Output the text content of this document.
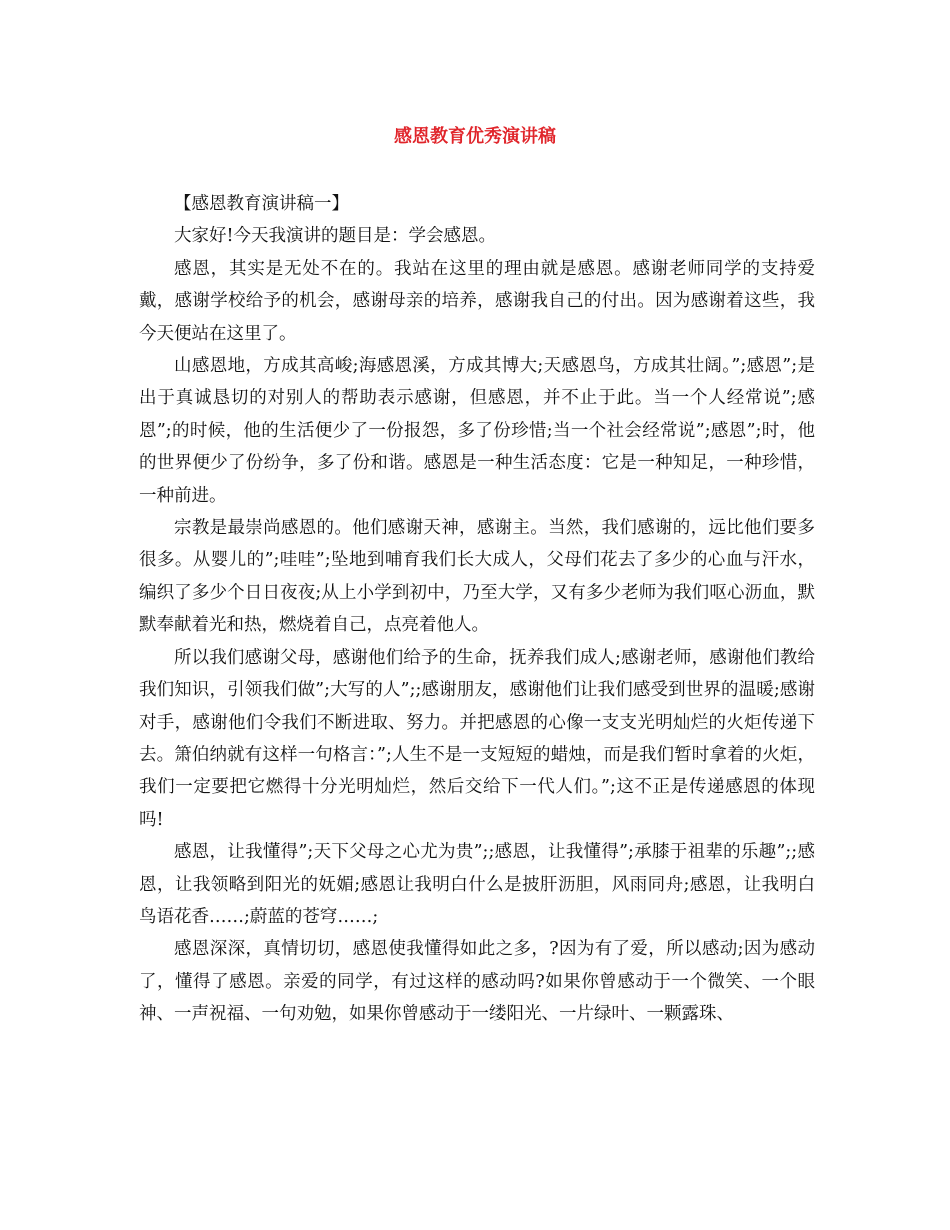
感恩教育优秀演讲稿

【感恩教育演讲稿一】

大家好!今天我演讲的题目是：学会感恩。

感恩，其实是无处不在的。我站在这里的理由就是感恩。感谢老师同学的支持爱戴，感谢学校给予的机会，感谢母亲的培养，感谢我自己的付出。因为感谢着这些，我今天便站在这里了。

山感恩地，方成其高峻;海感恩溪，方成其博大;天感恩鸟，方成其壮阔。”;感恩”;是出于真诚恳切的对别人的帮助表示感谢，但感恩，并不止于此。当一个人经常说”;感恩”;的时候，他的生活便少了一份报怨，多了份珍惜;当一个社会经常说”;感恩”;时，他的世界便少了份纷争，多了份和谐。感恩是一种生活态度：它是一种知足，一种珍惜，一种前进。

宗教是最崇尚感恩的。他们感谢天神，感谢主。当然，我们感谢的，远比他们要多很多。从婴儿的”;哇哇”;坠地到哺育我们长大成人，父母们花去了多少的心血与汗水，编织了多少个日日夜夜;从上小学到初中，乃至大学，又有多少老师为我们呕心沥血，默默奉献着光和热，燃烧着自己，点亮着他人。

所以我们感谢父母，感谢他们给予的生命，抚养我们成人;感谢老师，感谢他们教给我们知识，引领我们做”;大写的人”;;感谢朋友，感谢他们让我们感受到世界的温暖;感谢对手，感谢他们令我们不断进取、努力。并把感恩的心像一支支光明灿烂的火炬传递下去。箫伯纳就有这样一句格言：”;人生不是一支短短的蜡烛，而是我们暂时拿着的火炬，我们一定要把它燃得十分光明灿烂，然后交给下一代人们。”;这不正是传递感恩的体现吗!

感恩，让我懂得”;天下父母之心尤为贵”;;感恩，让我懂得”;承膝于祖辈的乐趣”;;感恩，让我领略到阳光的妩媚;感恩让我明白什么是披肝沥胆，风雨同舟;感恩，让我明白鸟语花香……;蔚蓝的苍穹……;

感恩深深，真情切切，感恩使我懂得如此之多，?因为有了爱，所以感动;因为感动了，懂得了感恩。亲爱的同学，有过这样的感动吗?如果你曾感动于一个微笑、一个眼神、一声祝福、一句劝勉，如果你曾感动于一缕阳光、一片绿叶、一颗露珠、
